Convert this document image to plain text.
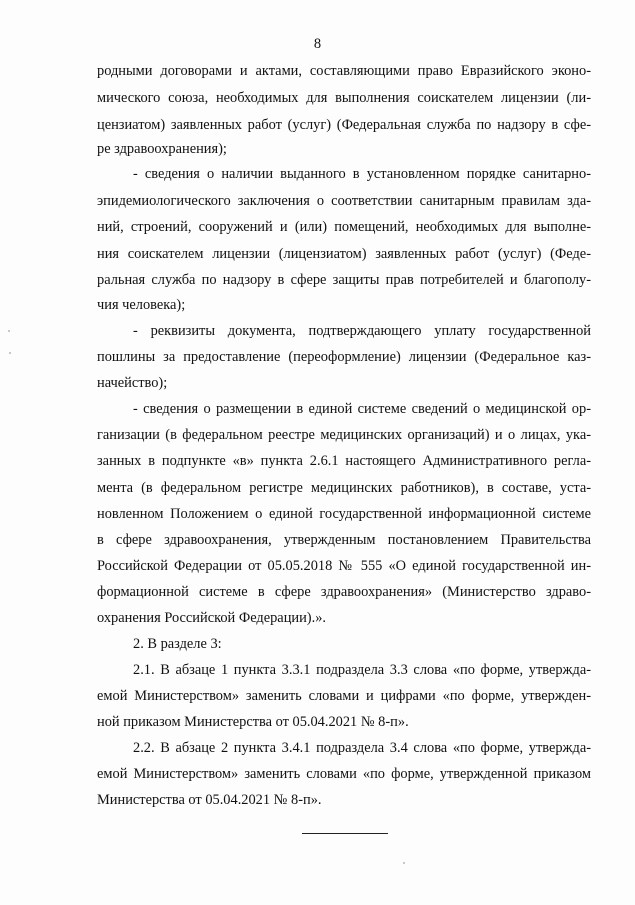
8
родными договорами и актами, составляющими право Евразийского эконо-
мического союза, необходимых для выполнения соискателем лицензии (ли-
цензиатом) заявленных работ (услуг) (Федеральная служба по надзору в сфе-
ре здравоохранения);
- сведения о наличии выданного в установленном порядке санитарно-
эпидемиологического заключения о соответствии санитарным правилам зда-
ний, строений, сооружений и (или) помещений, необходимых для выполне-
ния соискателем лицензии (лицензиатом) заявленных работ (услуг) (Феде-
ральная служба по надзору в сфере защиты прав потребителей и благополу-
чия человека);
- реквизиты документа, подтверждающего уплату государственной
пошлины за предоставление (переоформление) лицензии (Федеральное каз-
начейство);
- сведения о размещении в единой системе сведений о медицинской ор-
ганизации (в федеральном реестре медицинских организаций) и о лицах, ука-
занных в подпункте «в» пункта 2.6.1 настоящего Административного регла-
мента (в федеральном регистре медицинских работников), в составе, уста-
новленном Положением о единой государственной информационной системе
в сфере здравоохранения, утвержденным постановлением Правительства
Российской Федерации от 05.05.2018 № 555 «О единой государственной ин-
формационной системе в сфере здравоохранения» (Министерство здраво-
охранения Российской Федерации).».
2. В разделе 3:
2.1. В абзаце 1 пункта 3.3.1 подраздела 3.3 слова «по форме, утвержда-
емой Министерством» заменить словами и цифрами «по форме, утвержден-
ной приказом Министерства от 05.04.2021 № 8-п».
2.2. В абзаце 2 пункта 3.4.1 подраздела 3.4 слова «по форме, утвержда-
емой Министерством» заменить словами «по форме, утвержденной приказом
Министерства от 05.04.2021 № 8-п».
